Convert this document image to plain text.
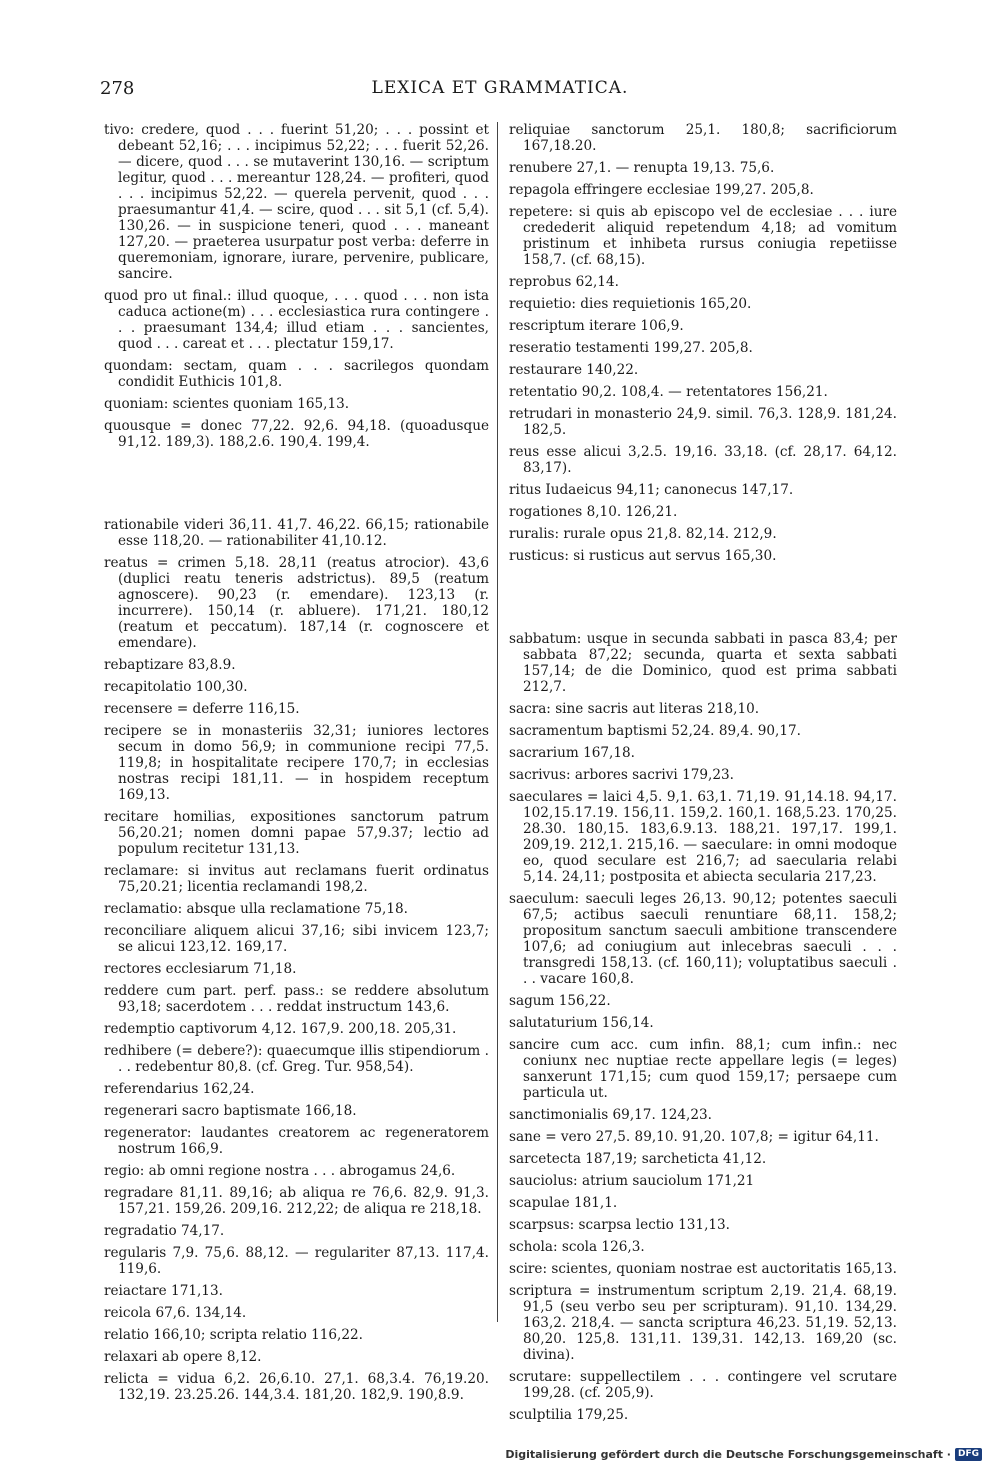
278	LEXICA ET GRAMMATICA.

tivo: credere, quod . . . fuerint 51,20; . . . possint et debeant 52,16; . . . incipimus 52,22; . . . fuerit 52,26. — dicere, quod . . . se mutaverint 130,16. — scriptum legitur, quod . . . mereantur 128,24. — profiteri, quod . . . incipimus 52,22. — querela pervenit, quod . . . praesumantur 41,4. — scire, quod . . . sit 5,1 (cf. 5,4). 130,26. — in suspicione teneri, quod . . . maneant 127,20. — praeterea usurpatur post verba: deferre in queremoniam, ignorare, iurare, pervenire, publicare, sancire.

quod pro ut final.: illud quoque, . . . quod . . . non ista caduca actione(m) . . . ecclesiastica rura contingere . . . praesumant 134,4; illud etiam . . . sancientes, quod . . . careat et . . . plectatur 159,17.

quondam: sectam, quam . . . sacrilegos quondam condidit Euthicis 101,8.

quoniam: scientes quoniam 165,13.

quousque = donec 77,22. 92,6. 94,18. (quoadusque 91,12. 189,3). 188,2.6. 190,4. 199,4.

rationabile videri 36,11. 41,7. 46,22. 66,15; rationabile esse 118,20. — rationabiliter 41,10.12.

reatus = crimen 5,18. 28,11 (reatus atrocior). 43,6 (duplici reatu teneris adstrictus). 89,5 (reatum agnoscere). 90,23 (r. emendare). 123,13 (r. incurrere). 150,14 (r. abluere). 171,21. 180,12 (reatum et peccatum). 187,14 (r. cognoscere et emendare).

rebaptizare 83,8.9.

recapitolatio 100,30.

recensere = deferre 116,15.

recipere se in monasteriis 32,31; iuniores lectores secum in domo 56,9; in communione recipi 77,5. 119,8; in hospitalitate recipere 170,7; in ecclesias nostras recipi 181,11. — in hospidem receptum 169,13.

recitare homilias, expositiones sanctorum patrum 56,20.21; nomen domni papae 57,9.37; lectio ad populum recitetur 131,13.

reclamare: si invitus aut reclamans fuerit ordinatus 75,20.21; licentia reclamandi 198,2.

reclamatio: absque ulla reclamatione 75,18.

reconciliare aliquem alicui 37,16; sibi invicem 123,7; se alicui 123,12. 169,17.

rectores ecclesiarum 71,18.

reddere cum part. perf. pass.: se reddere absolutum 93,18; sacerdotem . . . reddat instructum 143,6.

redemptio captivorum 4,12. 167,9. 200,18. 205,31.

redhibere (= debere?): quaecumque illis stipendiorum . . . redebentur 80,8. (cf. Greg. Tur. 958,54).

referendarius 162,24.

regenerari sacro baptismate 166,18.

regenerator: laudantes creatorem ac regeneratorem nostrum 166,9.

regio: ab omni regione nostra . . . abrogamus 24,6.

regradare 81,11. 89,16; ab aliqua re 76,6. 82,9. 91,3. 157,21. 159,26. 209,16. 212,22; de aliqua re 218,18.

regradatio 74,17.

regularis 7,9. 75,6. 88,12. — regulariter 87,13. 117,4. 119,6.

reiactare 171,13.

reicola 67,6. 134,14.

relatio 166,10; scripta relatio 116,22.

relaxari ab opere 8,12.

relicta = vidua 6,2. 26,6.10. 27,1. 68,3.4. 76,19.20. 132,19. 23.25.26. 144,3.4. 181,20. 182,9. 190,8.9.

reliquiae sanctorum 25,1. 180,8; sacrificiorum 167,18.20.

renubere 27,1. — renupta 19,13. 75,6.

repagola effringere ecclesiae 199,27. 205,8.

repetere: si quis ab episcopo vel de ecclesiae . . . iure credederit aliquid repetendum 4,18; ad vomitum pristinum et inhibeta rursus coniugia repetiisse 158,7. (cf. 68,15).

reprobus 62,14.

requietio: dies requietionis 165,20.

rescriptum iterare 106,9.

reseratio testamenti 199,27. 205,8.

restaurare 140,22.

retentatio 90,2. 108,4. — retentatores 156,21.

retrudari in monasterio 24,9. simil. 76,3. 128,9. 181,24. 182,5.

reus esse alicui 3,2.5. 19,16. 33,18. (cf. 28,17. 64,12. 83,17).

ritus Iudaeicus 94,11; canonecus 147,17.

rogationes 8,10. 126,21.

ruralis: rurale opus 21,8. 82,14. 212,9.

rusticus: si rusticus aut servus 165,30.

sabbatum: usque in secunda sabbati in pasca 83,4; per sabbata 87,22; secunda, quarta et sexta sabbati 157,14; de die Dominico, quod est prima sabbati 212,7.

sacra: sine sacris aut literas 218,10.

sacramentum baptismi 52,24. 89,4. 90,17.

sacrarium 167,18.

sacrivus: arbores sacrivi 179,23.

saeculares = laici 4,5. 9,1. 63,1. 71,19. 91,14.18. 94,17. 102,15.17.19. 156,11. 159,2. 160,1. 168,5.23. 170,25. 28.30. 180,15. 183,6.9.13. 188,21. 197,17. 199,1. 209,19. 212,1. 215,16. — saeculare: in omni modoque eo, quod seculare est 216,7; ad saecularia relabi 5,14. 24,11; postposita et abiecta secularia 217,23.

saeculum: saeculi leges 26,13. 90,12; potentes saeculi 67,5; actibus saeculi renuntiare 68,11. 158,2; propositum sanctum saeculi ambitione transcendere 107,6; ad coniugium aut inlecebras saeculi . . . transgredi 158,13. (cf. 160,11); voluptatibus saeculi . . . vacare 160,8.

sagum 156,22.

salutaturium 156,14.

sancire cum acc. cum infin. 88,1; cum infin.: nec coniunx nec nuptiae recte appellare legis (= leges) sanxerunt 171,15; cum quod 159,17; persaepe cum particula ut.

sanctimonialis 69,17. 124,23.

sane = vero 27,5. 89,10. 91,20. 107,8; = igitur 64,11.

sarcetecta 187,19; sarcheticta 41,12.

sauciolus: atrium sauciolum 171,21

scapulae 181,1.

scarpsus: scarpsa lectio 131,13.

schola: scola 126,3.

scire: scientes, quoniam nostrae est auctoritatis 165,13.

scriptura = instrumentum scriptum 2,19. 21,4. 68,19. 91,5 (seu verbo seu per scripturam). 91,10. 134,29. 163,2. 218,4. — sancta scriptura 46,23. 51,19. 52,13. 80,20. 125,8. 131,11. 139,31. 142,13. 169,20 (sc. divina).

scrutare: suppellectilem . . . contingere vel scrutare 199,28. (cf. 205,9).

sculptilia 179,25.

Digitalisierung gefördert durch die Deutsche Forschungsgemeinschaft · DFG
